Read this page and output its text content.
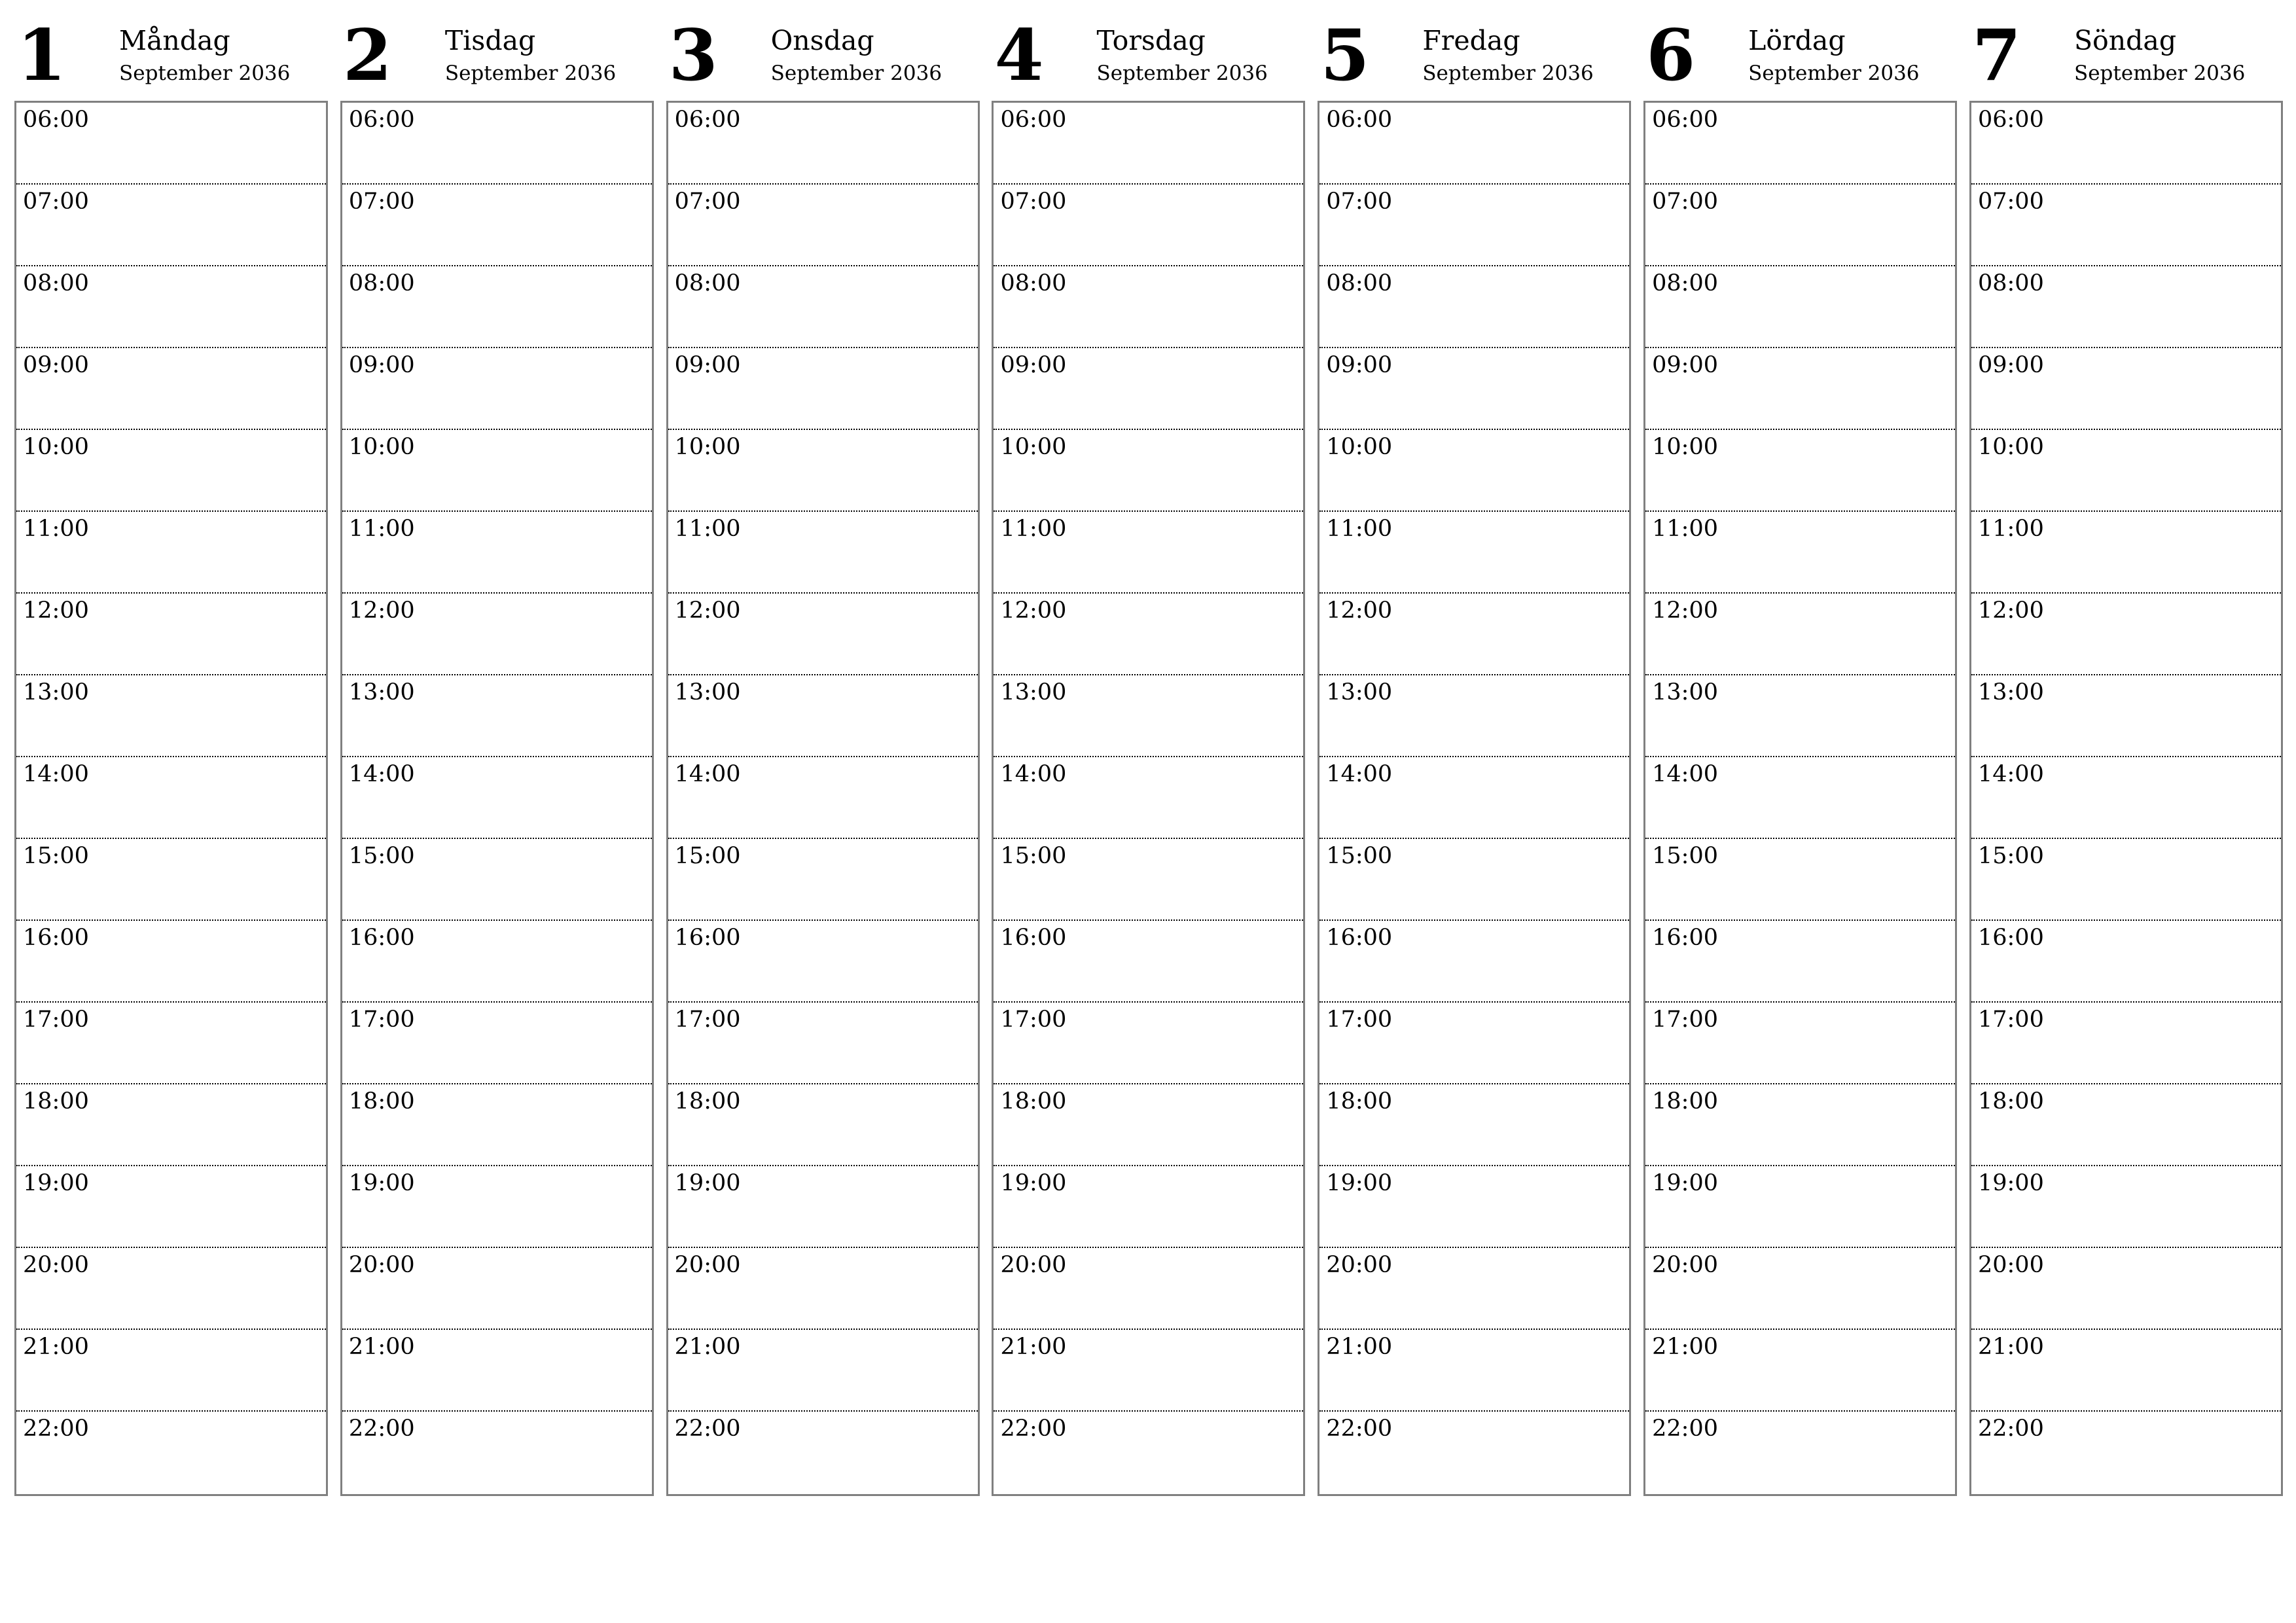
1 Måndag
September 2036
06:00
07:00
08:00
09:00
10:00
11:00
12:00
13:00
14:00
15:00
16:00
17:00
18:00
19:00
20:00
21:00
22:00
2 Tisdag
September 2036
06:00
07:00
08:00
09:00
10:00
11:00
12:00
13:00
14:00
15:00
16:00
17:00
18:00
19:00
20:00
21:00
22:00
3 Onsdag
September 2036
06:00
07:00
08:00
09:00
10:00
11:00
12:00
13:00
14:00
15:00
16:00
17:00
18:00
19:00
20:00
21:00
22:00
4 Torsdag
September 2036
06:00
07:00
08:00
09:00
10:00
11:00
12:00
13:00
14:00
15:00
16:00
17:00
18:00
19:00
20:00
21:00
22:00
5 Fredag
September 2036
06:00
07:00
08:00
09:00
10:00
11:00
12:00
13:00
14:00
15:00
16:00
17:00
18:00
19:00
20:00
21:00
22:00
6 Lördag
September 2036
06:00
07:00
08:00
09:00
10:00
11:00
12:00
13:00
14:00
15:00
16:00
17:00
18:00
19:00
20:00
21:00
22:00
7 Söndag
September 2036
06:00
07:00
08:00
09:00
10:00
11:00
12:00
13:00
14:00
15:00
16:00
17:00
18:00
19:00
20:00
21:00
22:00
